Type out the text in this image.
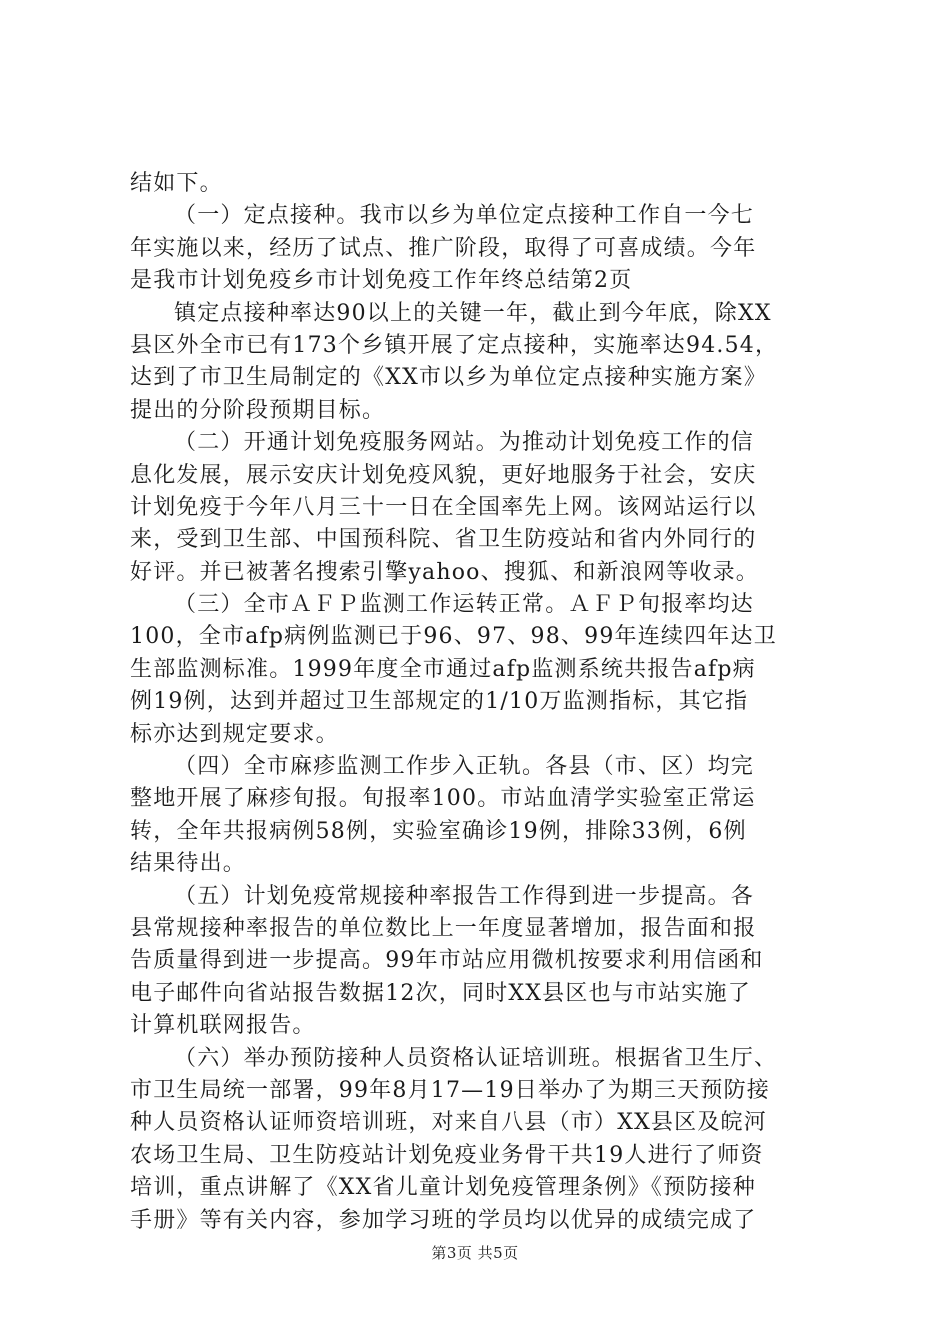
结如下。
（一）定点接种。我市以乡为单位定点接种工作自一今七
年实施以来，经历了试点、推广阶段，取得了可喜成绩。今年
是我市计划免疫乡市计划免疫工作年终总结第2页
镇定点接种率达90以上的关键一年，截止到今年底，除XX
县区外全市已有173个乡镇开展了定点接种，实施率达94.54，
达到了市卫生局制定的《XX市以乡为单位定点接种实施方案》
提出的分阶段预期目标。
（二）开通计划免疫服务网站。为推动计划免疫工作的信
息化发展，展示安庆计划免疫风貌，更好地服务于社会，安庆
计划免疫于今年八月三十一日在全国率先上网。该网站运行以
来，受到卫生部、中国预科院、省卫生防疫站和省内外同行的
好评。并已被著名搜索引擎yahoo、搜狐、和新浪网等收录。
（三）全市ＡＦＰ监测工作运转正常。ＡＦＰ旬报率均达
100，全市afp病例监测已于96、97、98、99年连续四年达卫
生部监测标准。1999年度全市通过afp监测系统共报告afp病
例19例，达到并超过卫生部规定的1/10万监测指标，其它指
标亦达到规定要求。
（四）全市麻疹监测工作步入正轨。各县（市、区）均完
整地开展了麻疹旬报。旬报率100。市站血清学实验室正常运
转，全年共报病例58例，实验室确诊19例，排除33例，6例
结果待出。
（五）计划免疫常规接种率报告工作得到进一步提高。各
县常规接种率报告的单位数比上一年度显著增加，报告面和报
告质量得到进一步提高。99年市站应用微机按要求利用信函和
电子邮件向省站报告数据12次，同时XX县区也与市站实施了
计算机联网报告。
（六）举办预防接种人员资格认证培训班。根据省卫生厅、
市卫生局统一部署，99年8月17—19日举办了为期三天预防接
种人员资格认证师资培训班，对来自八县（市）XX县区及皖河
农场卫生局、卫生防疫站计划免疫业务骨干共19人进行了师资
培训，重点讲解了《XX省儿童计划免疫管理条例》《预防接种
手册》等有关内容，参加学习班的学员均以优异的成绩完成了
第3页 共5页
